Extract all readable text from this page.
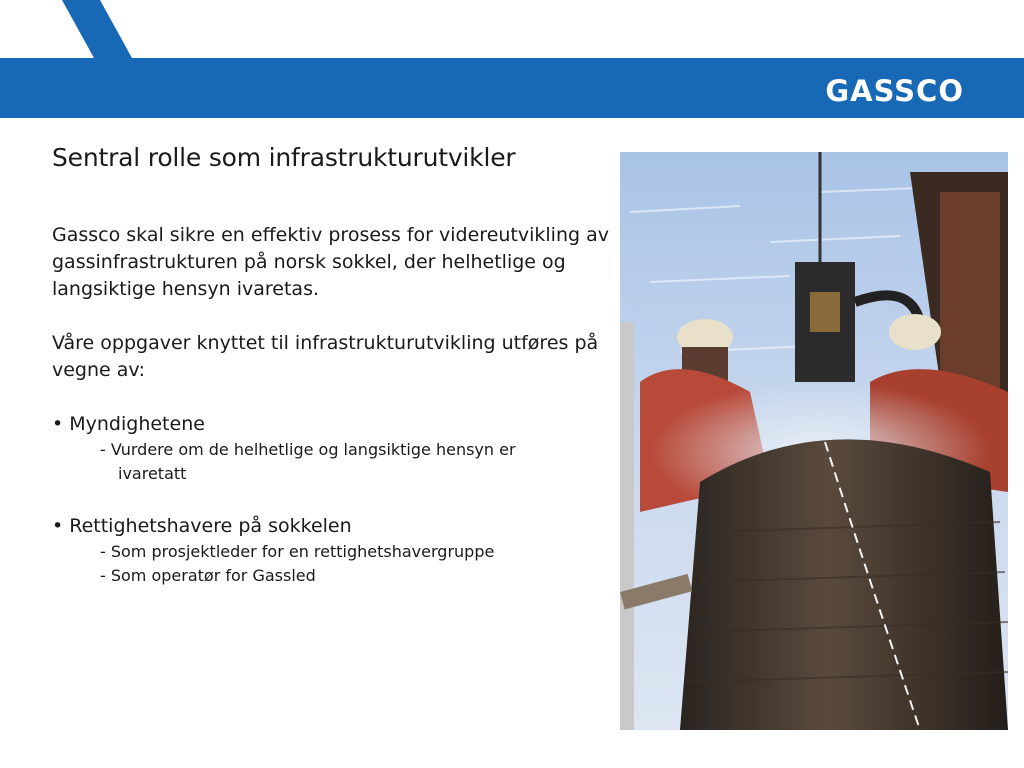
GASSCO
Sentral rolle som infrastrukturutvikler

Gassco skal sikre en effektiv prosess for videreutvikling av gassinfrastrukturen på norsk sokkel, der helhetlige og langsiktige hensyn ivaretas.

Våre oppgaver knyttet til infrastrukturutvikling utføres på vegne av:

• Myndighetene

- Vurdere om de helhetlige og langsiktige hensyn er

ivaretatt

• Rettighetshavere på sokkelen

- Som prosjektleder for en rettighetshavergruppe

- Som operatør for Gassled
